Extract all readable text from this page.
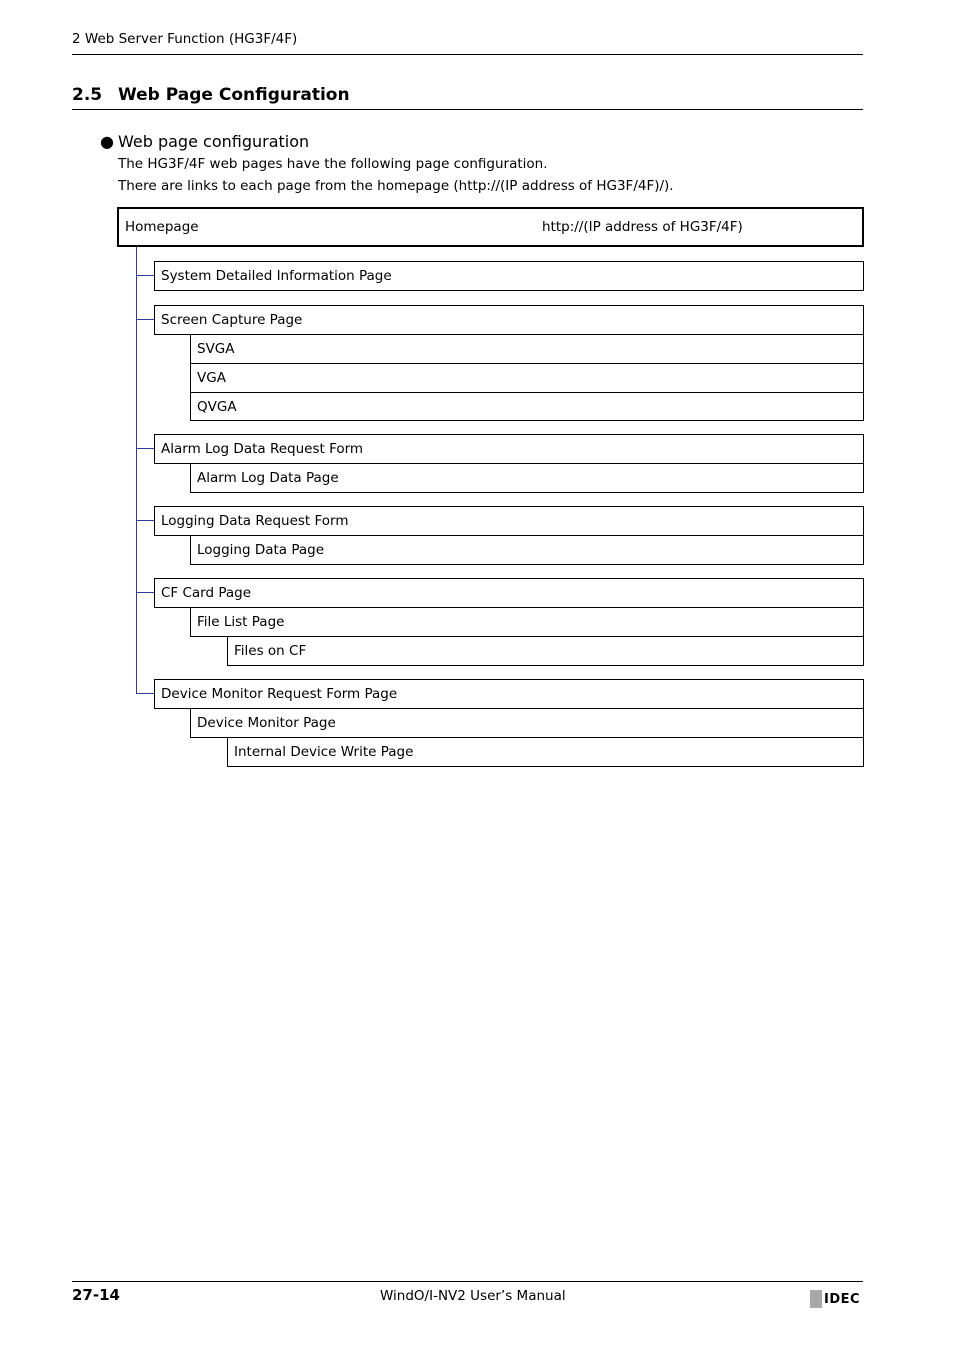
2 Web Server Function (HG3F/4F)
2.5 Web Page Configuration
● Web page configuration
The HG3F/4F web pages have the following page configuration.
There are links to each page from the homepage (http://(IP address of HG3F/4F)/).
Homepage	http://(IP address of HG3F/4F)
System Detailed Information Page
Screen Capture Page
SVGA
VGA
QVGA
Alarm Log Data Request Form
Alarm Log Data Page
Logging Data Request Form
Logging Data Page
CF Card Page
File List Page
Files on CF
Device Monitor Request Form Page
Device Monitor Page
Internal Device Write Page
27-14	WindO/I-NV2 User’s Manual	IDEC
